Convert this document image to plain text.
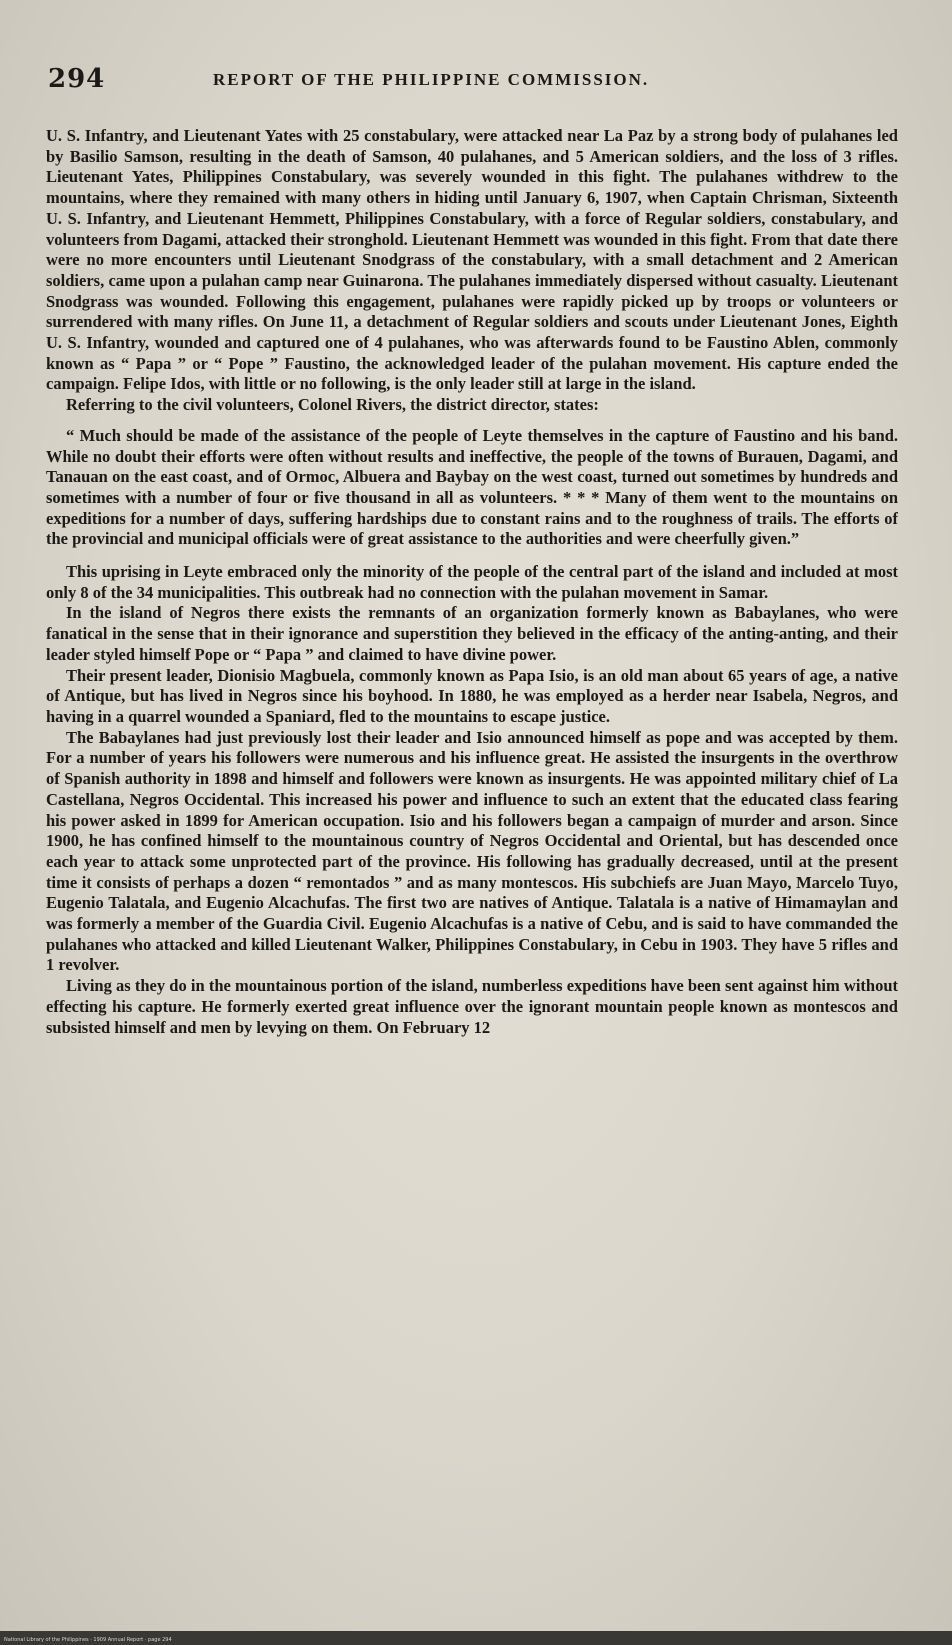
294	REPORT OF THE PHILIPPINE COMMISSION.

U. S. Infantry, and Lieutenant Yates with 25 constabulary, were attacked near La Paz by a strong body of pulahanes led by Basilio Samson, resulting in the death of Samson, 40 pulahanes, and 5 American soldiers, and the loss of 3 rifles. Lieutenant Yates, Philippines Constabulary, was severely wounded in this fight. The pulahanes withdrew to the mountains, where they remained with many others in hiding until January 6, 1907, when Captain Chrisman, Sixteenth U. S. Infantry, and Lieutenant Hemmett, Philippines Constabulary, with a force of Regular soldiers, constabulary, and volunteers from Dagami, attacked their stronghold. Lieutenant Hemmett was wounded in this fight. From that date there were no more encounters until Lieutenant Snodgrass of the constabulary, with a small detachment and 2 American soldiers, came upon a pulahan camp near Guinarona. The pulahanes immediately dispersed without casualty. Lieutenant Snodgrass was wounded. Following this engagement, pulahanes were rapidly picked up by troops or volunteers or surrendered with many rifles. On June 11, a detachment of Regular soldiers and scouts under Lieutenant Jones, Eighth U. S. Infantry, wounded and captured one of 4 pulahanes, who was afterwards found to be Faustino Ablen, commonly known as “ Papa ” or “ Pope ” Faustino, the acknowledged leader of the pulahan movement. His capture ended the campaign. Felipe Idos, with little or no following, is the only leader still at large in the island.

Referring to the civil volunteers, Colonel Rivers, the district director, states:

“ Much should be made of the assistance of the people of Leyte themselves in the capture of Faustino and his band. While no doubt their efforts were often without results and ineffective, the people of the towns of Burauen, Dagami, and Tanauan on the east coast, and of Ormoc, Albuera and Baybay on the west coast, turned out sometimes by hundreds and sometimes with a number of four or five thousand in all as volunteers. * * * Many of them went to the mountains on expeditions for a number of days, suffering hardships due to constant rains and to the roughness of trails. The efforts of the provincial and municipal officials were of great assistance to the authorities and were cheerfully given.”

This uprising in Leyte embraced only the minority of the people of the central part of the island and included at most only 8 of the 34 municipalities. This outbreak had no connection with the pulahan movement in Samar.

In the island of Negros there exists the remnants of an organization formerly known as Babaylanes, who were fanatical in the sense that in their ignorance and superstition they believed in the efficacy of the anting-anting, and their leader styled himself Pope or “ Papa ” and claimed to have divine power.

Their present leader, Dionisio Magbuela, commonly known as Papa Isio, is an old man about 65 years of age, a native of Antique, but has lived in Negros since his boyhood. In 1880, he was employed as a herder near Isabela, Negros, and having in a quarrel wounded a Spaniard, fled to the mountains to escape justice.

The Babaylanes had just previously lost their leader and Isio announced himself as pope and was accepted by them. For a number of years his followers were numerous and his influence great. He assisted the insurgents in the overthrow of Spanish authority in 1898 and himself and followers were known as insurgents. He was appointed military chief of La Castellana, Negros Occidental. This increased his power and influence to such an extent that the educated class fearing his power asked in 1899 for American occupation. Isio and his followers began a campaign of murder and arson. Since 1900, he has confined himself to the mountainous country of Negros Occidental and Oriental, but has descended once each year to attack some unprotected part of the province. His following has gradually decreased, until at the present time it consists of perhaps a dozen “ remontados ” and as many montescos. His subchiefs are Juan Mayo, Marcelo Tuyo, Eugenio Talatala, and Eugenio Alcachufas. The first two are natives of Antique. Talatala is a native of Himamaylan and was formerly a member of the Guardia Civil. Eugenio Alcachufas is a native of Cebu, and is said to have commanded the pulahanes who attacked and killed Lieutenant Walker, Philippines Constabulary, in Cebu in 1903. They have 5 rifles and 1 revolver.

Living as they do in the mountainous portion of the island, numberless expeditions have been sent against him without effecting his capture. He formerly exerted great influence over the ignorant mountain people known as montescos and subsisted himself and men by levying on them. On February 12

National Library of the Philippines · 1909 Annual Report · page 294
